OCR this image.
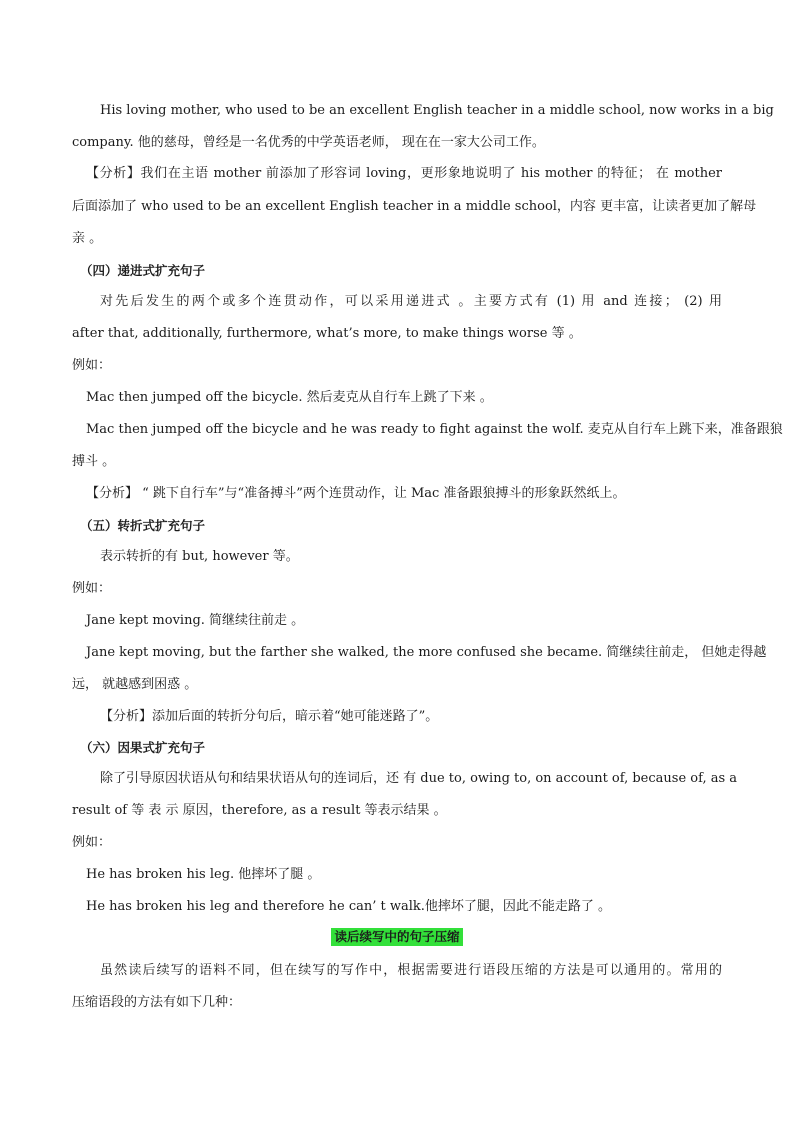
His loving mother, who used to be an excellent English teacher in a middle school, now works in a big
company. 他的慈母，曾经是一名优秀的中学英语老师， 现在在一家大公司工作。
【分析】我们在主语 mother 前添加了形容词 loving，更形象地说明了 his mother 的特征； 在 mother
后面添加了 who used to be an excellent English teacher in a middle school，内容 更丰富，让读者更加了解母
亲 。
（四）递进式扩充句子
对先后发生的两个或多个连贯动作，可以采用递进式 。主要方式有 (1) 用 and 连接； (2) 用
after that, additionally, furthermore, what’s more, to make things worse 等 。
例如：
Mac then jumped off the bicycle. 然后麦克从自行车上跳了下来 。
Mac then jumped off the bicycle and he was ready to fight against the wolf. 麦克从自行车上跳下来，准备跟狼
搏斗 。
【分析】 “ 跳下自行车”与“准备搏斗”两个连贯动作，让 Mac 准备跟狼搏斗的形象跃然纸上。
（五）转折式扩充句子
表示转折的有 but, however 等。
例如：
Jane kept moving. 简继续往前走 。
Jane kept moving, but the farther she walked, the more confused she became. 简继续往前走， 但她走得越
远， 就越感到困惑 。
【分析】添加后面的转折分句后，暗示着“她可能迷路了”。
（六）因果式扩充句子
除了引导原因状语从句和结果状语从句的连词后，还 有 due to, owing to, on account of, because of, as a
result of 等 表 示 原因，therefore, as a result 等表示结果 。
例如：
He has broken his leg. 他摔坏了腿 。
He has broken his leg and therefore he can’ t walk.他摔坏了腿，因此不能走路了 。
读后续写中的句子压缩
虽然读后续写的语料不同，但在续写的写作中，根据需要进行语段压缩的方法是可以通用的。常用的
压缩语段的方法有如下几种：
